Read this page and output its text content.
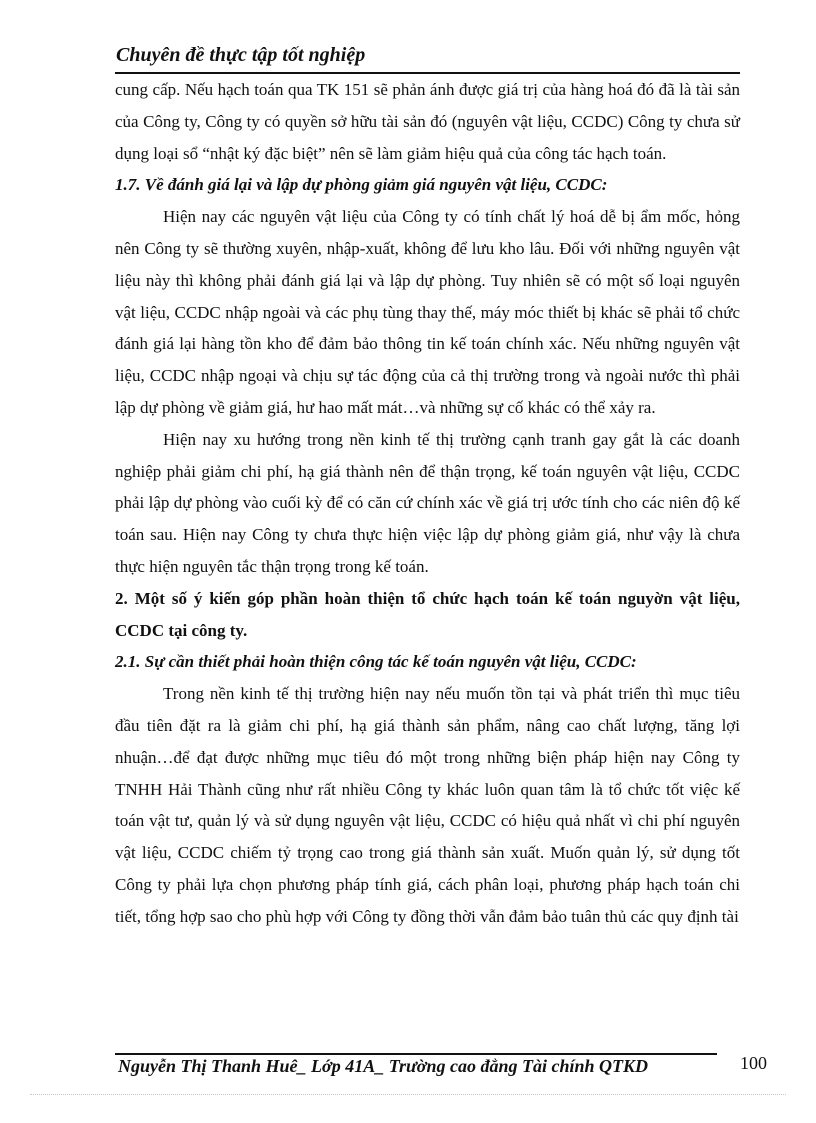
Chuyên đề thực tập tốt nghiệp

cung cấp. Nếu hạch toán qua TK 151 sẽ phản ánh được giá trị của hàng hoá đó đã là tài sản của Công ty, Công ty có quyền sở hữu tài sản đó (nguyên vật liệu, CCDC) Công ty chưa sử dụng loại sổ “nhật ký đặc biệt” nên sẽ làm giảm hiệu quả của công tác hạch toán.

1.7. Về đánh giá lại và lập dự phòng giảm giá nguyên vật liệu, CCDC:

Hiện nay các nguyên vật liệu của Công ty có tính chất lý hoá dễ bị ẩm mốc, hỏng nên Công ty sẽ thường xuyên, nhập-xuất, không để lưu kho lâu. Đối với những nguyên vật liệu này thì không phải đánh giá lại và lập dự phòng. Tuy nhiên sẽ có một số loại nguyên vật liệu, CCDC nhập ngoài và các phụ tùng thay thế, máy móc thiết bị khác sẽ phải tổ chức đánh giá lại hàng tồn kho để đảm bảo thông tin kế toán chính xác. Nếu những nguyên vật liệu, CCDC nhập ngoại và chịu sự tác động của cả thị trường trong và ngoài nước thì phải lập dự phòng về giảm giá, hư hao mất mát…và những sự cố khác có thể xảy ra.

Hiện nay xu hướng trong nền kinh tế thị trường cạnh tranh gay gắt là các doanh nghiệp phải giảm chi phí, hạ giá thành nên để thận trọng, kế toán nguyên vật liệu, CCDC phải lập dự phòng vào cuối kỳ để có căn cứ chính xác về giá trị ước tính cho các niên độ kế toán sau. Hiện nay Công ty chưa thực hiện việc lập dự phòng giảm giá, như vậy là chưa thực hiện nguyên tắc thận trọng trong kế toán.

2. Một số ý kiến góp phần hoàn thiện tổ chức hạch toán kế toán nguyờn vật liệu, CCDC tại công ty.

2.1. Sự cần thiết phải hoàn thiện công tác kế toán nguyên vật liệu, CCDC:

Trong nền kinh tế thị trường hiện nay nếu muốn tồn tại và phát triển thì mục tiêu đầu tiên đặt ra là giảm chi phí, hạ giá thành sản phẩm, nâng cao chất lượng, tăng lợi nhuận…để đạt được những mục tiêu đó một trong những biện pháp hiện nay Công ty TNHH Hải Thành cũng như rất nhiều Công ty khác luôn quan tâm là tổ chức tốt việc kế toán vật tư, quản lý và sử dụng nguyên vật liệu, CCDC có hiệu quả nhất vì chi phí nguyên vật liệu, CCDC chiếm tỷ trọng cao trong giá thành sản xuất. Muốn quản lý, sử dụng tốt Công ty phải lựa chọn phương pháp tính giá, cách phân loại, phương pháp hạch toán chi tiết, tổng hợp sao cho phù hợp với Công ty đồng thời vẫn đảm bảo tuân thủ các quy định tài

Nguyễn Thị Thanh Huê_ Lớp 41A_ Trường cao đẳng Tài chính QTKD	100
